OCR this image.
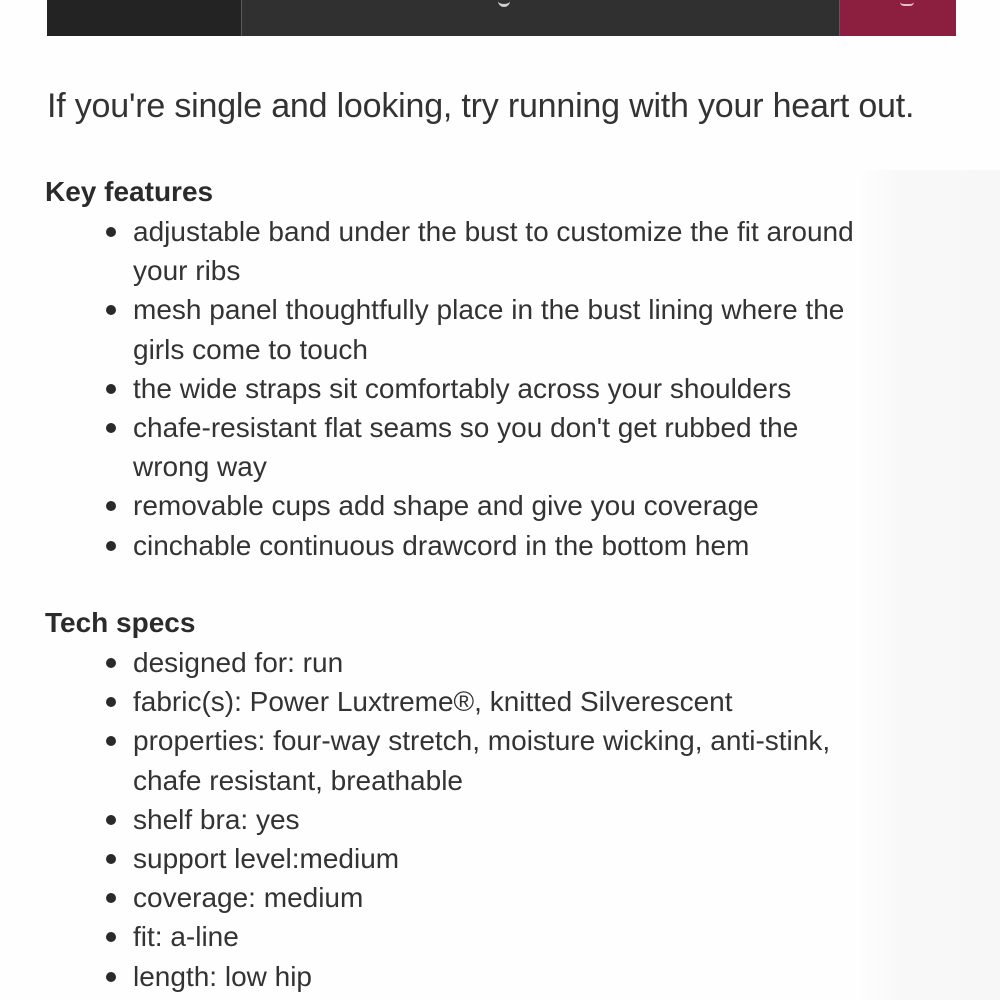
If you're single and looking, try running with your heart out.
Key features
adjustable band under the bust to customize the fit around your ribs
mesh panel thoughtfully place in the bust lining where the girls come to touch
the wide straps sit comfortably across your shoulders
chafe-resistant flat seams so you don't get rubbed the wrong way
removable cups add shape and give you coverage
cinchable continuous drawcord in the bottom hem
Tech specs
designed for: run
fabric(s): Power Luxtreme®, knitted Silverescent
properties: four-way stretch, moisture wicking, anti-stink, chafe resistant, breathable
shelf bra: yes
support level:medium
coverage: medium
fit: a-line
length: low hip
